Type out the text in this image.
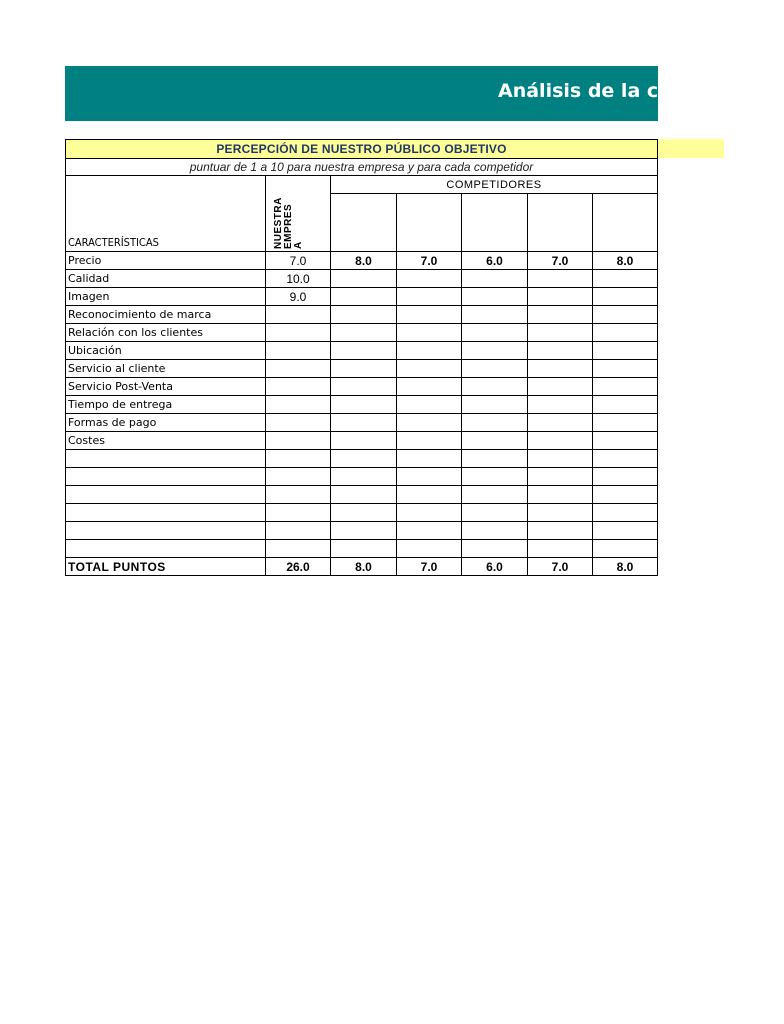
Análisis de la competencia
PERCEPCIÓN DE NUESTRO PÚBLICO OBJETIVO						
puntuar de 1 a 10 para nuestra empresa y para cada competidor						
CARACTERÍSTICAS	NUESTRA EMPRES A	COMPETIDORES				

Precio	7.0	8.0	7.0	6.0	7.0	8.0
Calidad	10.0					
Imagen	9.0					
Reconocimiento de marca						
Relación con los clientes						
Ubicación						
Servicio al cliente						
Servicio Post-Venta						
Tiempo de entrega						
Formas de pago						
Costes						

TOTAL PUNTOS	26.0	8.0	7.0	6.0	7.0	8.0
